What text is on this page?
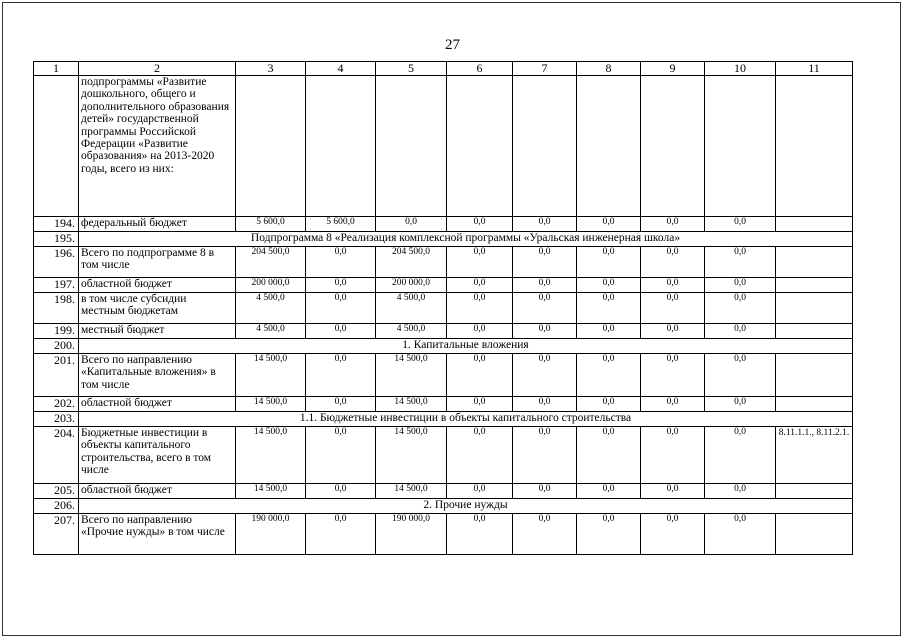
27
1	2	3	4	5	6	7	8	9	10	11
	подпрограммы «Развитие дошкольного, общего и дополнительного образования детей» государственной программы Российской Федерации «Развитие образования» на 2013-2020 годы, всего из них:									
194.	федеральный бюджет	5 600,0	5 600,0	0,0	0,0	0,0	0,0	0,0	0,0	
195.	Подпрограмма 8 «Реализация комплексной программы «Уральская инженерная школа»									
196.	Всего по подпрограмме 8 в том числе	204 500,0	0,0	204 500,0	0,0	0,0	0,0	0,0	0,0	
197.	областной бюджет	200 000,0	0,0	200 000,0	0,0	0,0	0,0	0,0	0,0	
198.	в том числе субсидии местным бюджетам	4 500,0	0,0	4 500,0	0,0	0,0	0,0	0,0	0,0	
199.	местный бюджет	4 500,0	0,0	4 500,0	0,0	0,0	0,0	0,0	0,0	
200.	1. Капитальные вложения									
201.	Всего по направлению «Капитальные вложения» в том числе	14 500,0	0,0	14 500,0	0,0	0,0	0,0	0,0	0,0	
202.	областной бюджет	14 500,0	0,0	14 500,0	0,0	0,0	0,0	0,0	0,0	
203.	1.1. Бюджетные инвестиции в объекты капитального строительства									
204.	Бюджетные инвестиции в объекты капитального строительства, всего в том числе	14 500,0	0,0	14 500,0	0,0	0,0	0,0	0,0	0,0	8.11.1.1., 8.11.2.1.
205.	областной бюджет	14 500,0	0,0	14 500,0	0,0	0,0	0,0	0,0	0,0	
206.	2. Прочие нужды									
207.	Всего по направлению «Прочие нужды» в том числе	190 000,0	0,0	190 000,0	0,0	0,0	0,0	0,0	0,0	
